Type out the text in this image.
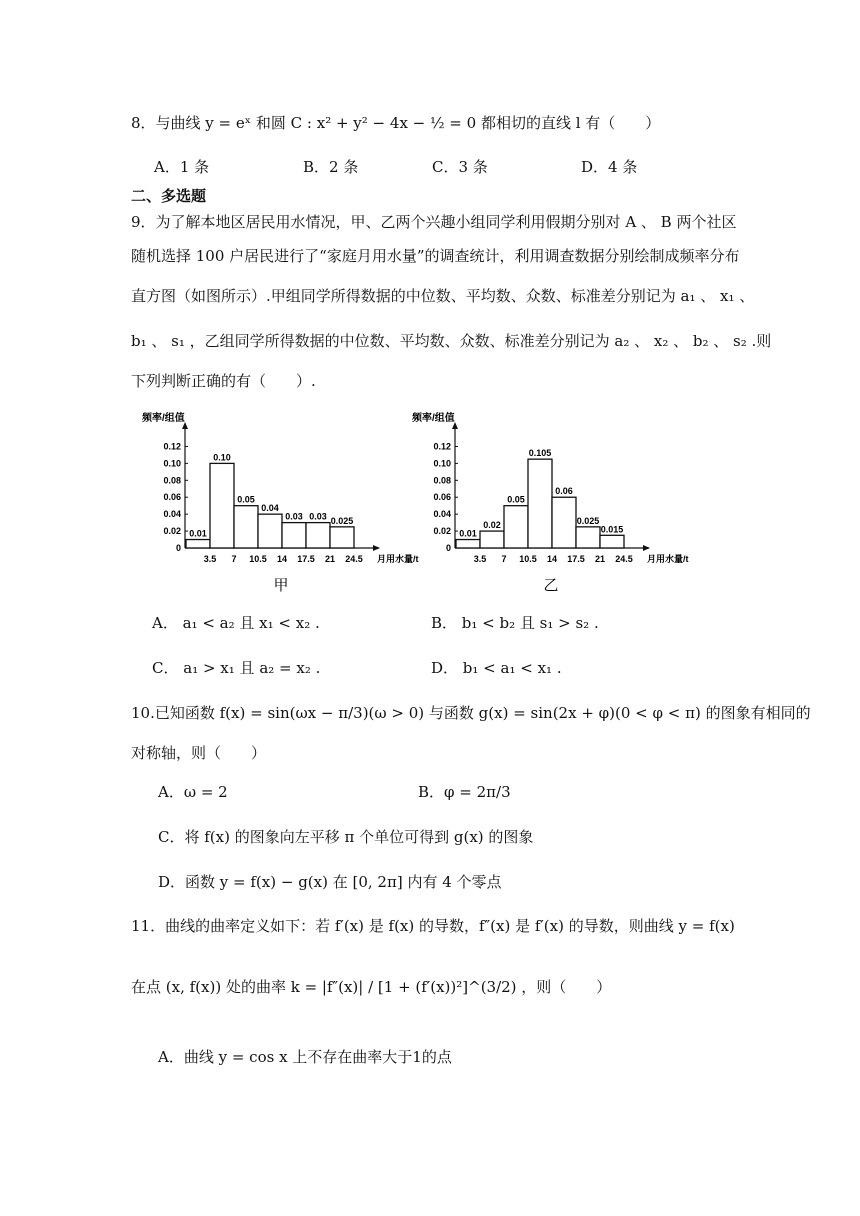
8．与曲线 y = eˣ 和圆 C : x² + y² − 4x − ½ = 0 都相切的直线 l 有（　　）
A．1 条	B．2 条	C．3 条	D．4 条
二、多选题
9．为了解本地区居民用水情况，甲、乙两个兴趣小组同学利用假期分别对 A 、 B 两个社区
随机选择 100 户居民进行了“家庭月用水量”的调查统计，利用调查数据分别绘制成频率分布
直方图（如图所示）.甲组同学所得数据的中位数、平均数、众数、标准差分别记为 a₁ 、 x₁ 、
b₁ 、 s₁ ，乙组同学所得数据的中位数、平均数、众数、标准差分别记为 a₂ 、 x₂ 、 b₂ 、 s₂ .则
下列判断正确的有（　　）.
频率/组值
0
0.02
0.04
0.06
0.08
0.10
0.12
0.01
0.10
0.05
0.04
0.03 0.03 0.025
3.5 7 10.5 14 17.5 21 24.5 月用水量/t
甲
频率/组值
0
0.02
0.04
0.06
0.08
0.10
0.12
0.01
0.02
0.05
0.105
0.06
0.025
0.015
3.5 7 10.5 14 17.5 21 24.5 月用水量/t
乙
A． a₁ < a₂ 且 x₁ < x₂ .	B． b₁ < b₂ 且 s₁ > s₂ .
C． a₁ > x₁ 且 a₂ = x₂ .	D． b₁ < a₁ < x₁ .
10.已知函数 f(x) = sin(ωx − π/3)(ω > 0) 与函数 g(x) = sin(2x + φ)(0 < φ < π) 的图象有相同的
对称轴，则（　　）
A．ω = 2	B．φ = 2π/3
C．将 f(x) 的图象向左平移 π 个单位可得到 g(x) 的图象
D．函数 y = f(x) − g(x) 在 [0, 2π] 内有 4 个零点
11．曲线的曲率定义如下：若 f′(x) 是 f(x) 的导数，f″(x) 是 f′(x) 的导数，则曲线 y = f(x)
在点 (x, f(x)) 处的曲率 k = |f″(x)| / [1 + (f′(x))²]^(3/2) ，则（　　）
A．曲线 y = cos x 上不存在曲率大于1的点
